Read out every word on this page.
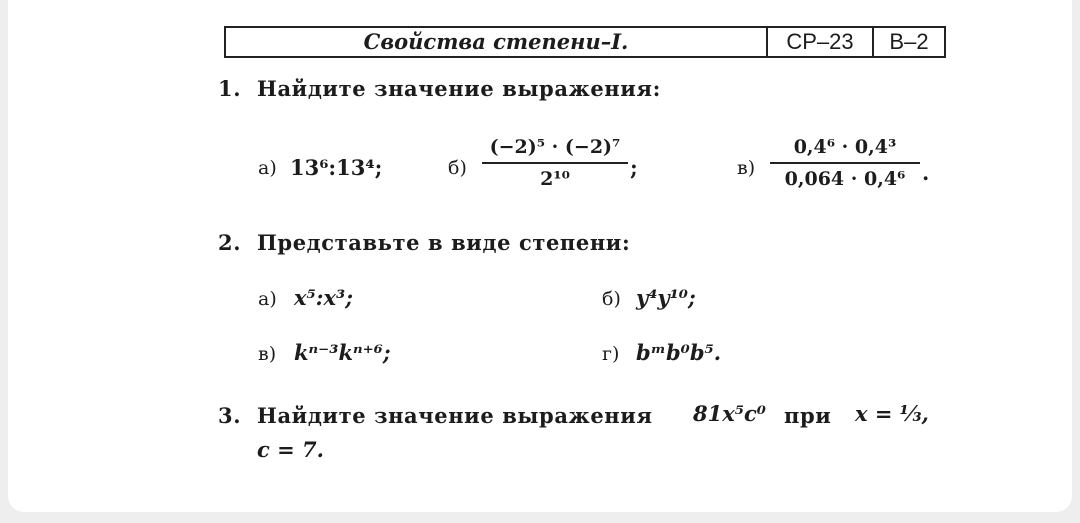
Свойства степени–I.	СР–23	В–2
1. Найдите значение выражения:
а) 13⁶:13⁴;	б)
(−2)⁵ · (−2)⁷
2¹⁰	;	в)
0,4⁶ · 0,4³
0,064 · 0,4⁶ .
2. Представьте в виде степени:
а) x⁵:x³;	б) y⁴y¹⁰;
в) kⁿ⁻³kⁿ⁺⁶;	г) bᵐb⁰b⁵.
3. Найдите значение выражения 81x⁵c⁰ при x = ⅓,
c = 7.
